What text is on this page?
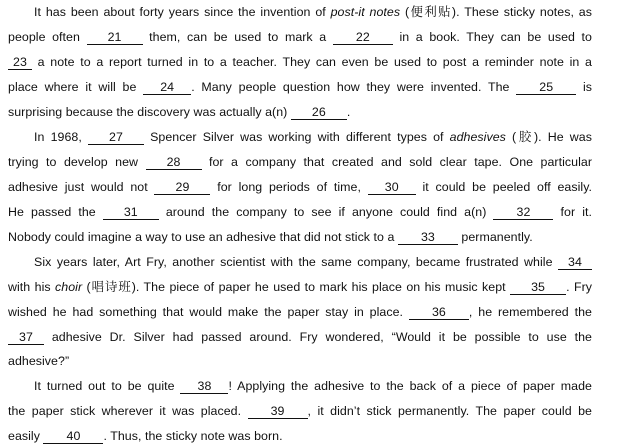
It has been about forty years since the invention of post-it notes (便利贴). These sticky notes, as
people often 21 them, can be used to mark a 22 in a book. They can be used to
23 a note to a report turned in to a teacher. They can even be used to post a reminder note in a
place where it will be 24 . Many people question how they were invented. The 25 is
surprising because the discovery was actually a(n) 26 .
In 1968, 27 Spencer Silver was working with different types of adhesives (胶). He was
trying to develop new 28 for a company that created and sold clear tape. One particular
adhesive just would not 29 for long periods of time, 30 it could be peeled off easily.
He passed the 31 around the company to see if anyone could find a(n) 32 for it.
Nobody could imagine a way to use an adhesive that did not stick to a 33 permanently.
Six years later, Art Fry, another scientist with the same company, became frustrated while 34
with his choir (唱诗班). The piece of paper he used to mark his place on his music kept 35 . Fry
wished he had something that would make the paper stay in place. 36 , he remembered the
37 adhesive Dr. Silver had passed around. Fry wondered, “Would it be possible to use the
adhesive?”
It turned out to be quite 38 ! Applying the adhesive to the back of a piece of paper made
the paper stick wherever it was placed. 39 , it didn’t stick permanently. The paper could be
easily 40 . Thus, the sticky note was born.
